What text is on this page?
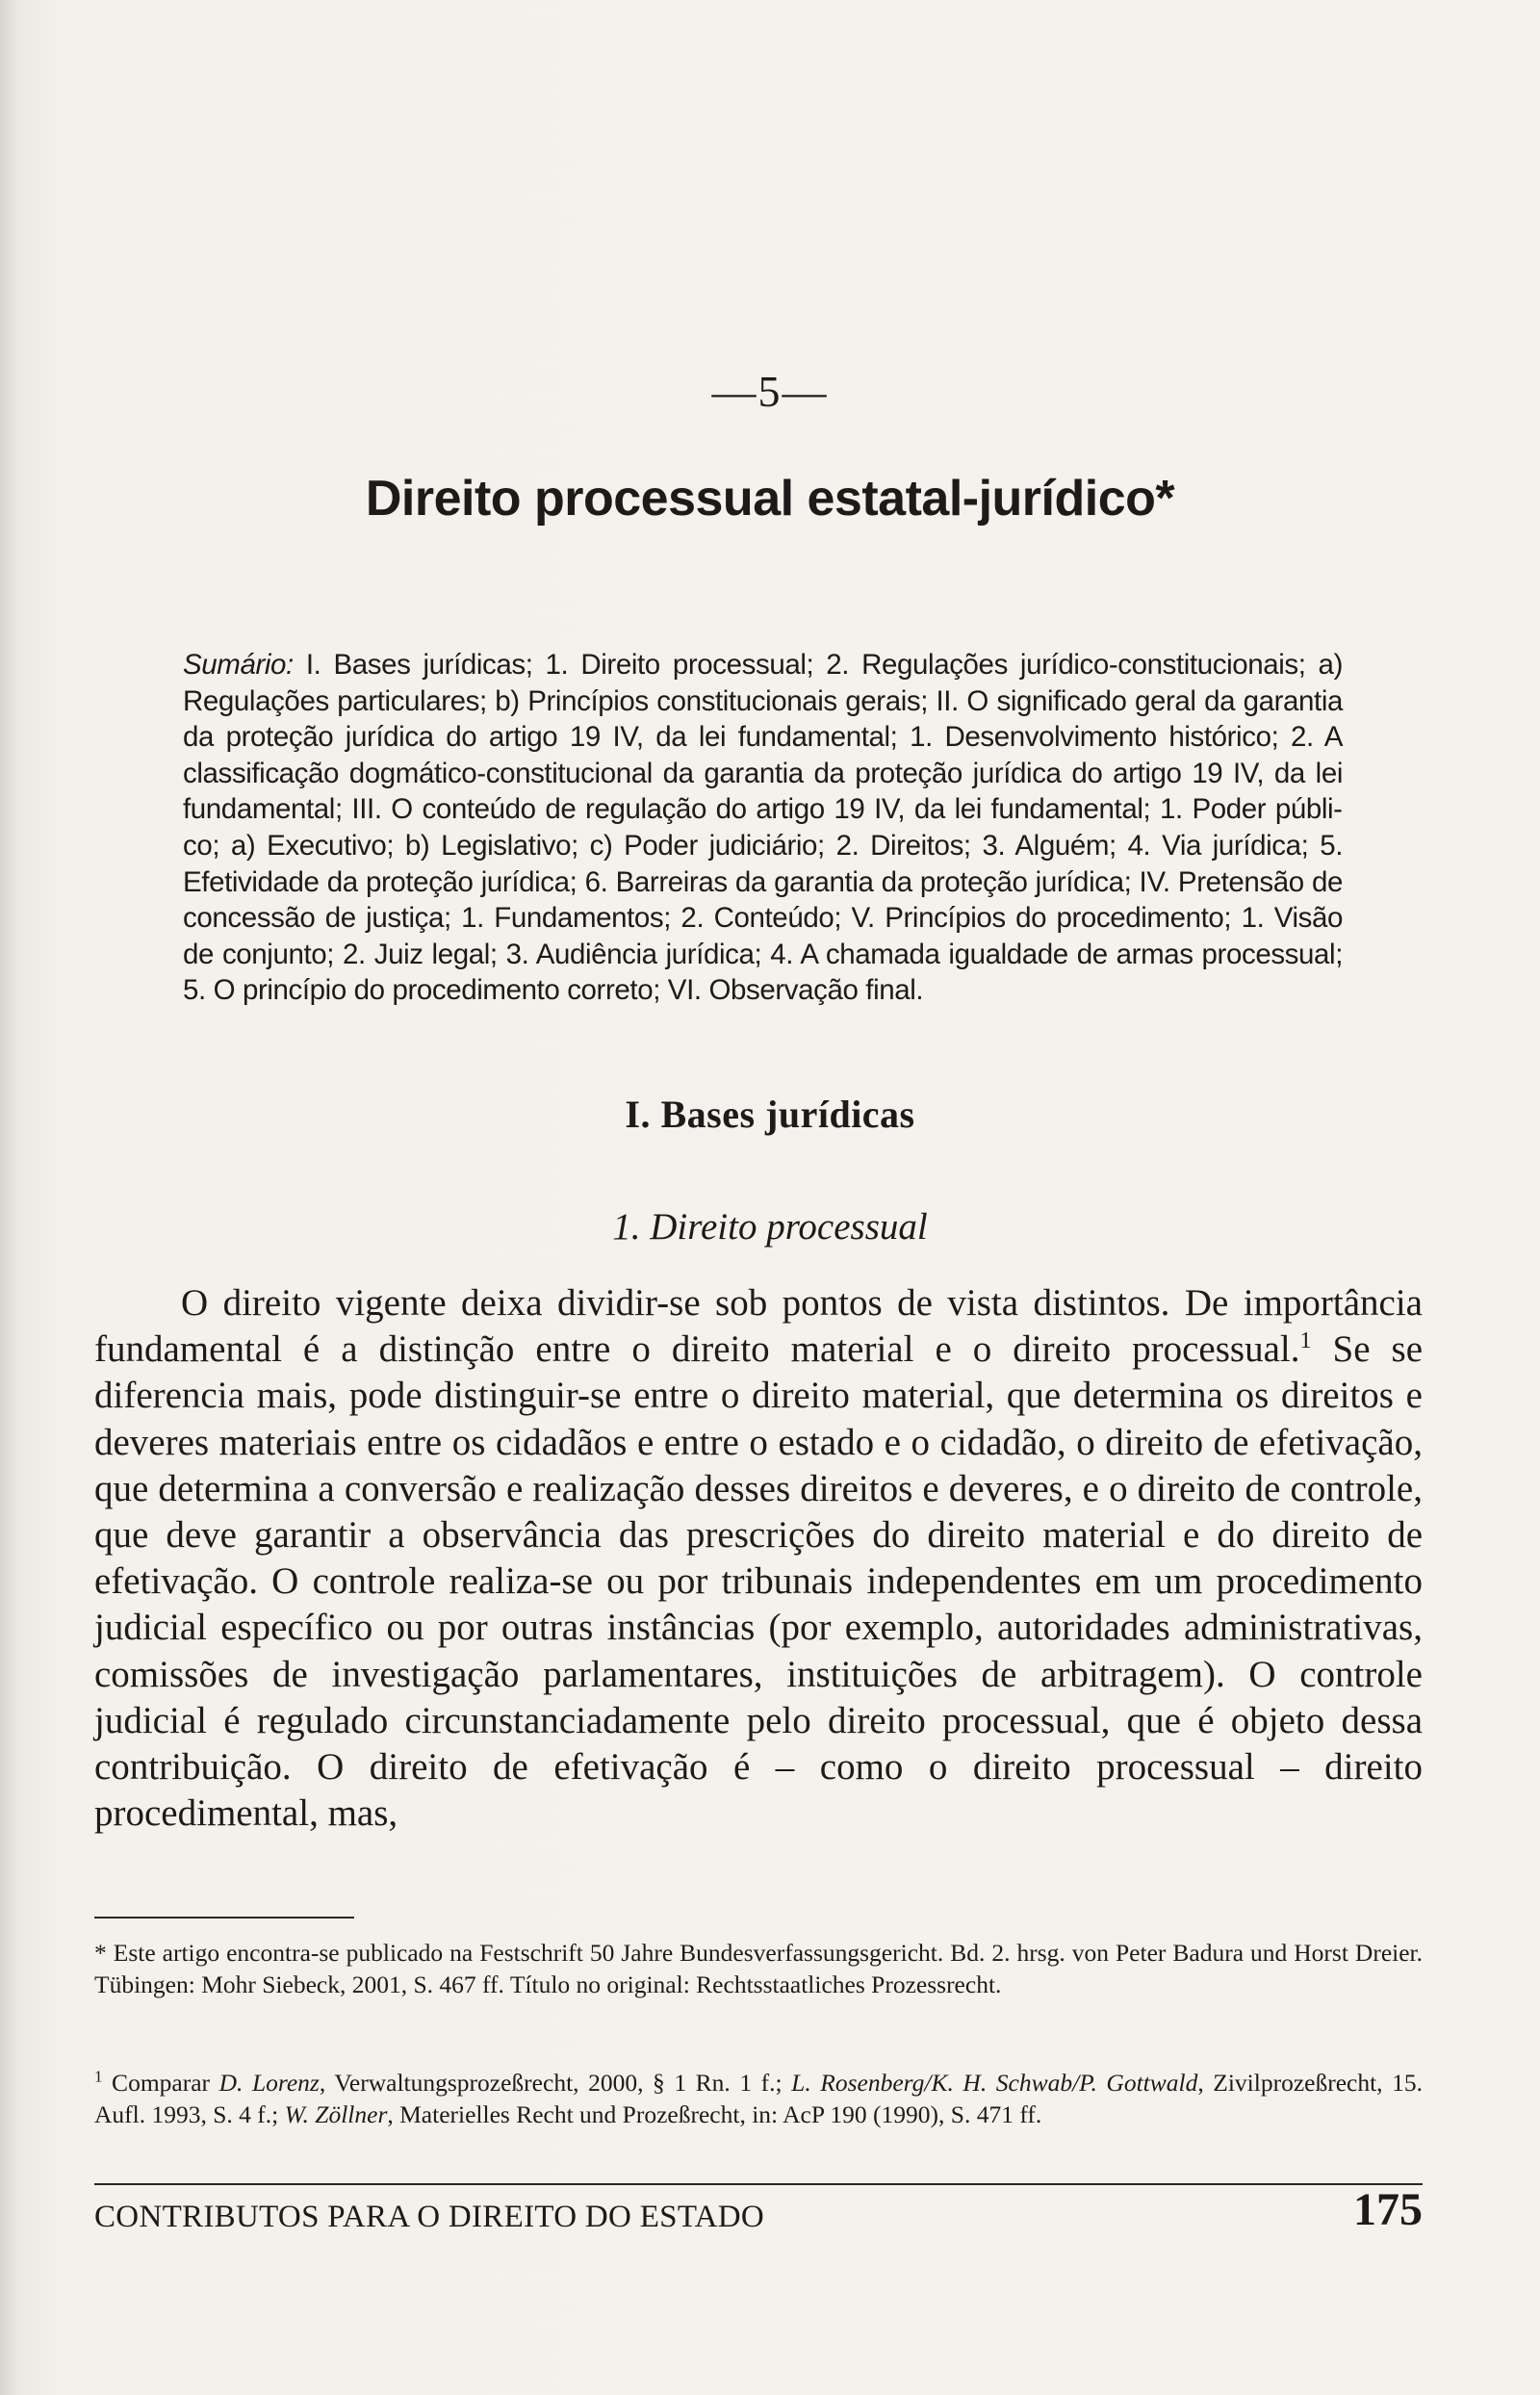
—5—
Direito processual estatal-jurídico*
Sumário: I. Bases jurídicas; 1. Direito processual; 2. Regulações jurídico-constitucionais; a) Regulações particulares; b) Princípios constitucionais gerais; II. O significado geral da garantia da proteção jurídica do artigo 19 IV, da lei fundamental; 1. Desenvolvimento histórico; 2. A classificação dogmático-constitucional da garantia da proteção jurídica do artigo 19 IV, da lei fundamental; III. O conteúdo de regulação do artigo 19 IV, da lei fundamental; 1. Poder público; a) Executivo; b) Legislativo; c) Poder judiciário; 2. Direitos; 3. Alguém; 4. Via jurídica; 5. Efetividade da proteção jurídica; 6. Barreiras da garantia da proteção jurídica; IV. Pretensão de concessão de justiça; 1. Fundamentos; 2. Conteúdo; V. Princípios do procedimento; 1. Visão de conjunto; 2. Juiz legal; 3. Audiência jurídica; 4. A chamada igualdade de armas processual; 5. O princípio do procedimento correto; VI. Observação final.
I. Bases jurídicas
1. Direito processual
O direito vigente deixa dividir-se sob pontos de vista distintos. De importância fundamental é a distinção entre o direito material e o direito processual.$^1$ Se se diferencia mais, pode distinguir-se entre o direito material, que determina os direitos e deveres materiais entre os cidadãos e entre o estado e o cidadão, o direito de efetivação, que determina a conversão e realização desses direitos e deveres, e o direito de controle, que deve garantir a observância das prescrições do direito material e do direito de efetivação. O controle realiza-se ou por tribunais independentes em um procedimento judicial específico ou por outras instâncias (por exemplo, autoridades administrativas, comissões de investigação parlamentares, instituições de arbitragem). O controle judicial é regulado circunstanciadamente pelo direito processual, que é objeto dessa contribuição. O direito de efetivação é – como o direito processual – direito procedimental, mas,
* Este artigo encontra-se publicado na Festschrift 50 Jahre Bundesverfassungsgericht. Bd. 2. hrsg. von Peter Badura und Horst Dreier. Tübingen: Mohr Siebeck, 2001, S. 467 ff. Título no original: Rechtsstaatliches Prozessrecht.
$^1$ Comparar D. Lorenz, Verwaltungsprozeßrecht, 2000, § 1 Rn. 1 f.; L. Rosenberg/K. H. Schwab/P. Gottwald, Zivilprozeßrecht, 15. Aufl. 1993, S. 4 f.; W. Zöllner, Materielles Recht und Prozeßrecht, in: AcP 190 (1990), S. 471 ff.
CONTRIBUTOS PARA O DIREITO DO ESTADO	175
